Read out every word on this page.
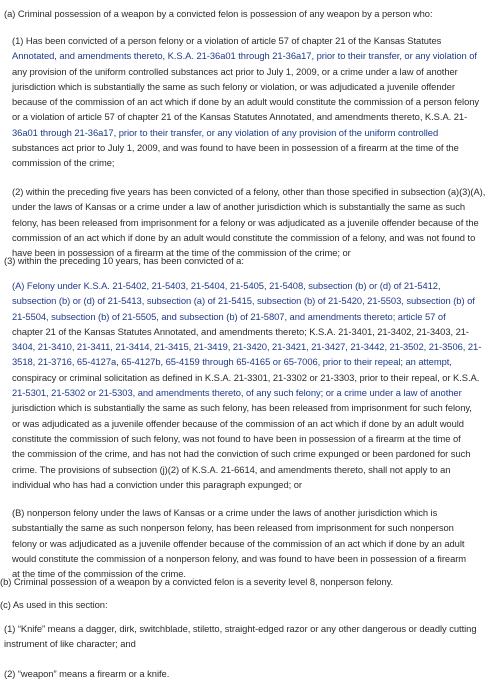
(a) Criminal possession of a weapon by a convicted felon is possession of any weapon by a person who:
(1) Has been convicted of a person felony or a violation of article 57 of chapter 21 of the Kansas Statutes
Annotated, and amendments thereto, K.S.A. 21-36a01 through 21-36a17, prior to their transfer, or any violation of
any provision of the uniform controlled substances act prior to July 1, 2009, or a crime under a law of another
jurisdiction which is substantially the same as such felony or violation, or was adjudicated a juvenile offender
because of the commission of an act which if done by an adult would constitute the commission of a person felony
or a violation of article 57 of chapter 21 of the Kansas Statutes Annotated, and amendments thereto, K.S.A. 21-
36a01 through 21-36a17, prior to their transfer, or any violation of any provision of the uniform controlled
substances act prior to July 1, 2009, and was found to have been in possession of a firearm at the time of the
commission of the crime;
(2) within the preceding five years has been convicted of a felony, other than those specified in subsection (a)(3)(A),
under the laws of Kansas or a crime under a law of another jurisdiction which is substantially the same as such
felony, has been released from imprisonment for a felony or was adjudicated as a juvenile offender because of the
commission of an act which if done by an adult would constitute the commission of a felony, and was not found to
have been in possession of a firearm at the time of the commission of the crime; or
(3) within the preceding 10 years, has been convicted of a:
(A) Felony under K.S.A. 21-5402, 21-5403, 21-5404, 21-5405, 21-5408, subsection (b) or (d) of 21-5412,
subsection (b) or (d) of 21-5413, subsection (a) of 21-5415, subsection (b) of 21-5420, 21-5503, subsection (b) of
21-5504, subsection (b) of 21-5505, and subsection (b) of 21-5807, and amendments thereto; article 57 of
chapter 21 of the Kansas Statutes Annotated, and amendments thereto; K.S.A. 21-3401, 21-3402, 21-3403, 21-
3404, 21-3410, 21-3411, 21-3414, 21-3415, 21-3419, 21-3420, 21-3421, 21-3427, 21-3442, 21-3502, 21-3506, 21-
3518, 21-3716, 65-4127a, 65-4127b, 65-4159 through 65-4165 or 65-7006, prior to their repeal; an attempt,
conspiracy or criminal solicitation as defined in K.S.A. 21-3301, 21-3302 or 21-3303, prior to their repeal, or K.S.A.
21-5301, 21-5302 or 21-5303, and amendments thereto, of any such felony; or a crime under a law of another
jurisdiction which is substantially the same as such felony, has been released from imprisonment for such felony,
or was adjudicated as a juvenile offender because of the commission of an act which if done by an adult would
constitute the commission of such felony, was not found to have been in possession of a firearm at the time of
the commission of the crime, and has not had the conviction of such crime expunged or been pardoned for such
crime. The provisions of subsection (j)(2) of K.S.A. 21-6614, and amendments thereto, shall not apply to an
individual who has had a conviction under this paragraph expunged; or
(B) nonperson felony under the laws of Kansas or a crime under the laws of another jurisdiction which is
substantially the same as such nonperson felony, has been released from imprisonment for such nonperson
felony or was adjudicated as a juvenile offender because of the commission of an act which if done by an adult
would constitute the commission of a nonperson felony, and was found to have been in possession of a firearm
at the time of the commission of the crime.
(b) Criminal possession of a weapon by a convicted felon is a severity level 8, nonperson felony.
(c) As used in this section:
(1) “Knife” means a dagger, dirk, switchblade, stiletto, straight-edged razor or any other dangerous or deadly cutting
instrument of like character; and
(2) “weapon” means a firearm or a knife.
